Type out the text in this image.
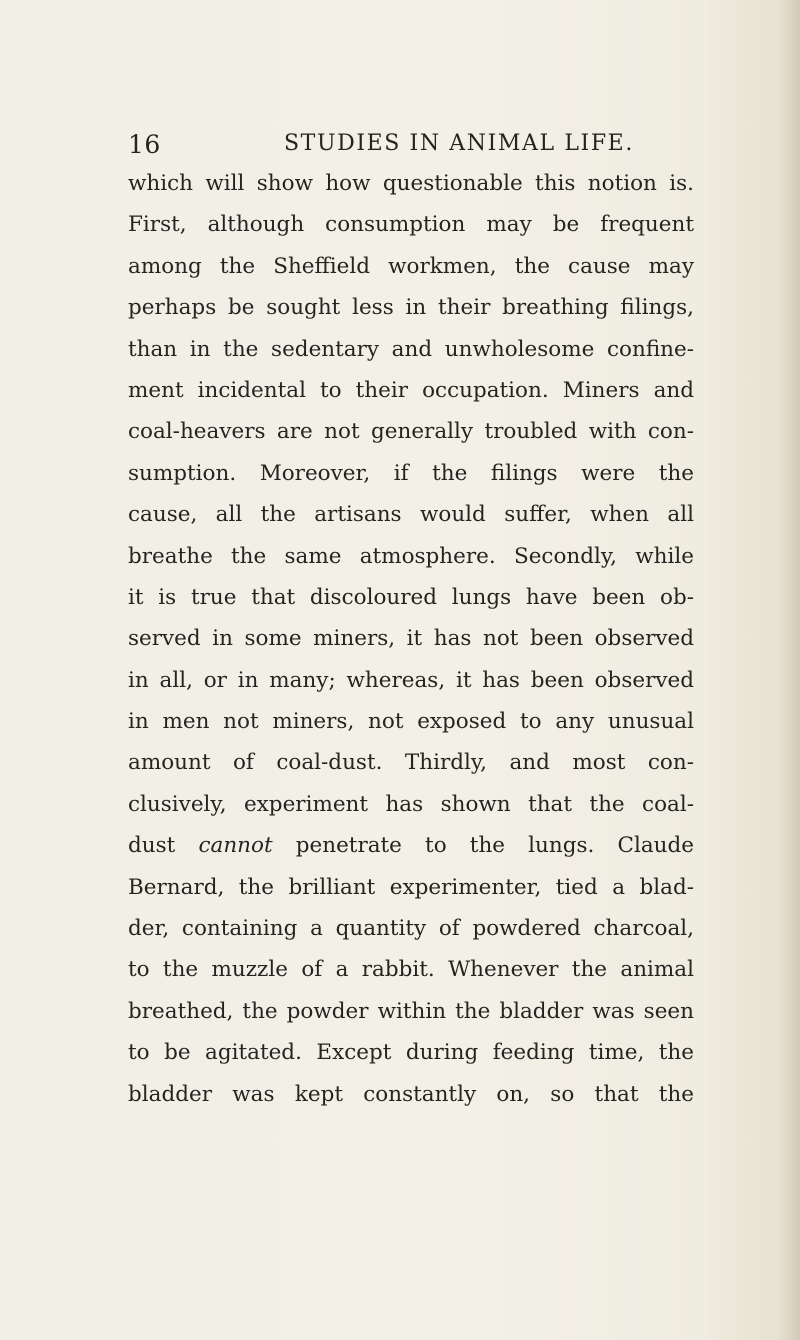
16	STUDIES IN ANIMAL LIFE.
which will show how questionable this notion is.
First, although consumption may be frequent
among the Sheffield workmen, the cause may
perhaps be sought less in their breathing filings,
than in the sedentary and unwholesome confine-
ment incidental to their occupation. Miners and
coal-heavers are not generally troubled with con-
sumption. Moreover, if the filings were the
cause, all the artisans would suffer, when all
breathe the same atmosphere. Secondly, while
it is true that discoloured lungs have been ob-
served in some miners, it has not been observed
in all, or in many; whereas, it has been observed
in men not miners, not exposed to any unusual
amount of coal-dust. Thirdly, and most con-
clusively, experiment has shown that the coal-
dust cannot penetrate to the lungs. Claude
Bernard, the brilliant experimenter, tied a blad-
der, containing a quantity of powdered charcoal,
to the muzzle of a rabbit. Whenever the animal
breathed, the powder within the bladder was seen
to be agitated. Except during feeding time, the
bladder was kept constantly on, so that the
